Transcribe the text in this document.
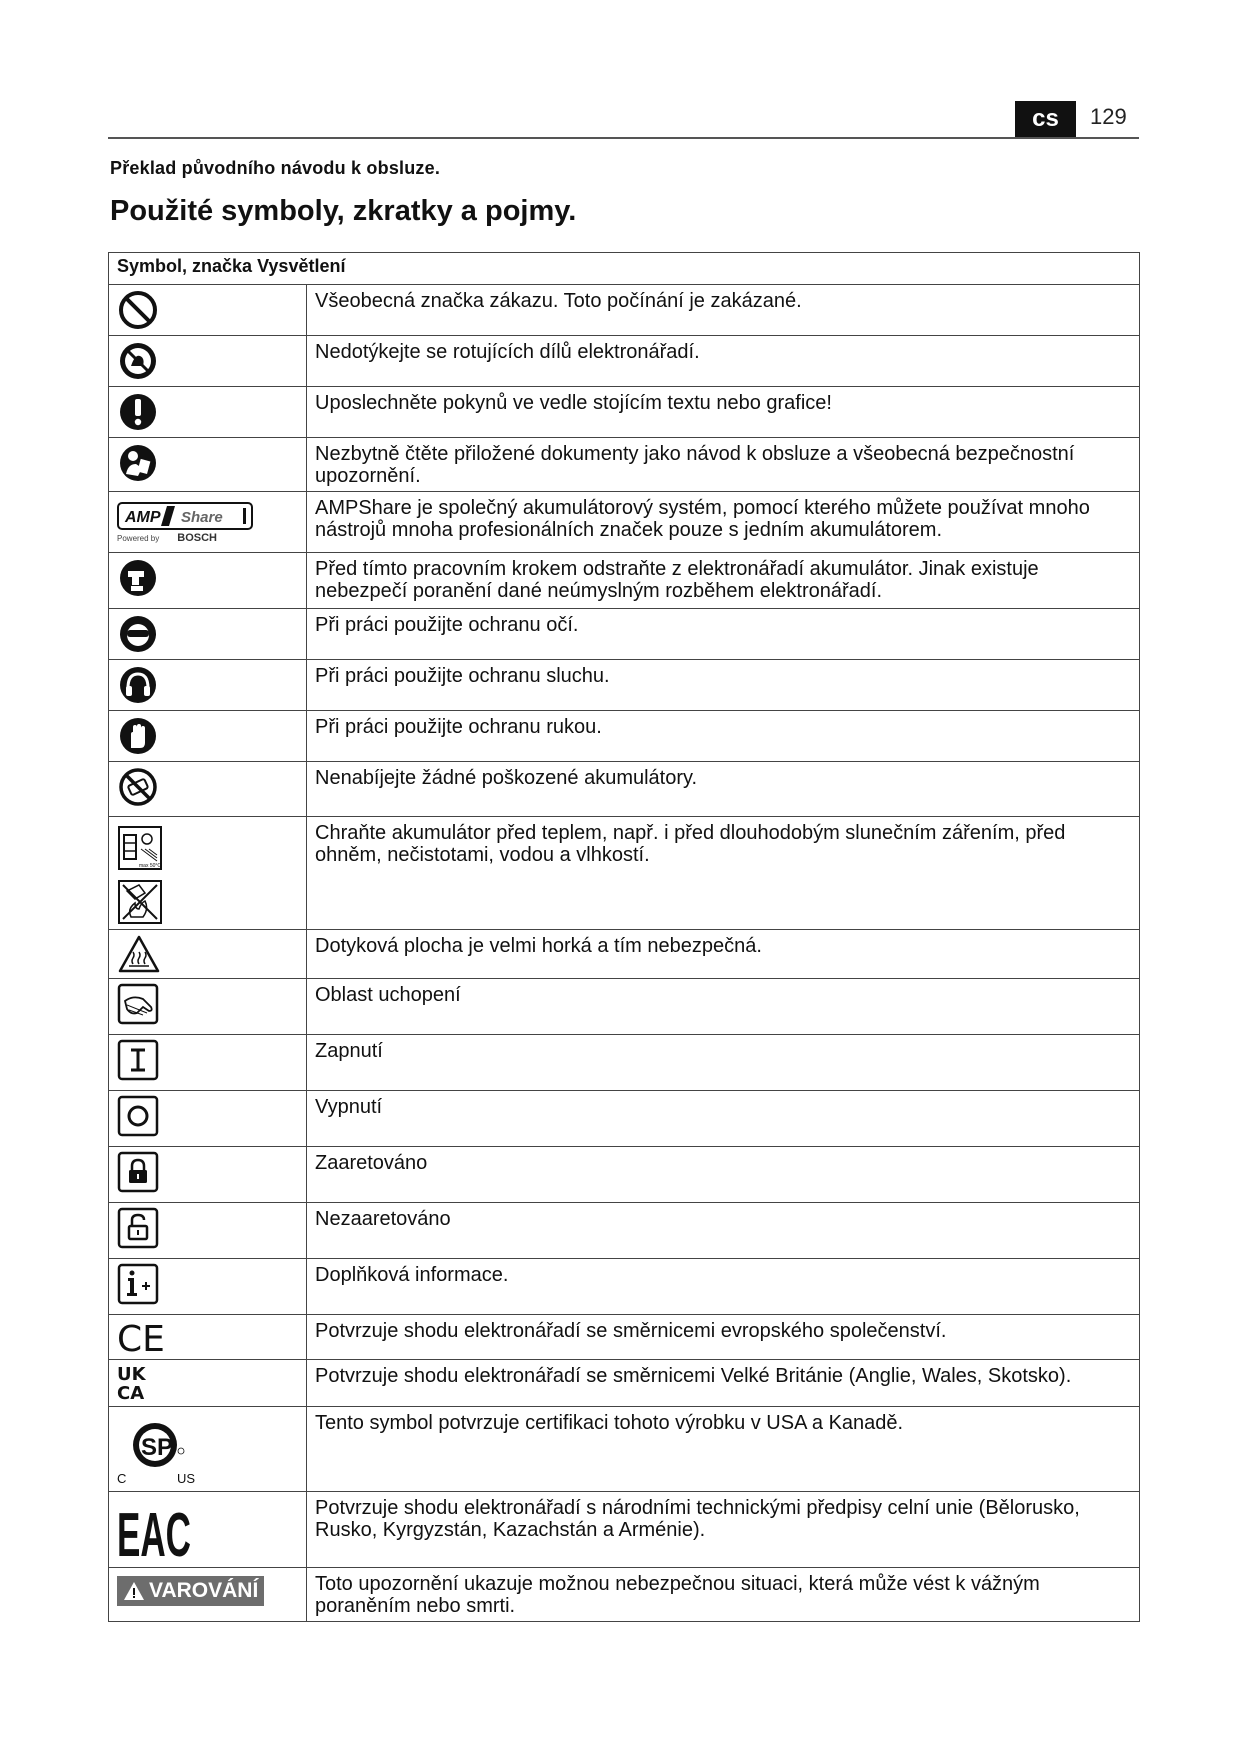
cs	129
Překlad původního návodu k obsluze.
Použité symboly, zkratky a pojmy.
Symbol, značka Vysvětlení	

	Všeobecná značka zákazu. Toto počínání je zakázané.

	Nedotýkejte se rotujících dílů elektronářadí.

	Uposlechněte pokynů ve vedle stojícím textu nebo grafice!

	Nezbytně čtěte přiložené dokumenty jako návod k obsluze a všeobecná bezpečnostní upozornění.

AMP Share
Powered by BOSCH	AMPShare je společný akumulátorový systém, pomocí kterého můžete používat mnoho nástrojů mnoha profesionálních značek pouze s jedním akumulátorem.

	Před tímto pracovním krokem odstraňte z elektronářadí akumulátor. Jinak existuje nebezpečí poranění dané neúmyslným rozběhem elektronářadí.

	Při práci použijte ochranu očí.

	Při práci použijte ochranu sluchu.

	Při práci použijte ochranu rukou.

	Nenabíjejte žádné poškozené akumulátory.

max 50°C	Chraňte akumulátor před teplem, např. i před dlouhodobým slunečním zářením, před ohněm, nečistotami, vodou a vlhkostí.

	Dotyková plocha je velmi horká a tím nebezpečná.

	Oblast uchopení

	Zapnutí

	Vypnutí

	Zaaretováno

	Nezaaretováno

	Doplňková informace.

CE	Potvrzuje shodu elektronářadí se směrnicemi evropského společenství.

UK
CA	Potvrzuje shodu elektronářadí se směrnicemi Velké Británie (Anglie, Wales, Skotsko).

SP
C US	Tento symbol potvrzuje certifikaci tohoto výrobku v USA a Kanadě.

EAC	Potvrzuje shodu elektronářadí s národními technickými předpisy celní unie (Bělorusko, Rusko, Kyrgyzstán, Kazachstán a Arménie).

VAROVÁNÍ	Toto upozornění ukazuje možnou nebezpečnou situaci, která může vést k vážným poraněním nebo smrti.
